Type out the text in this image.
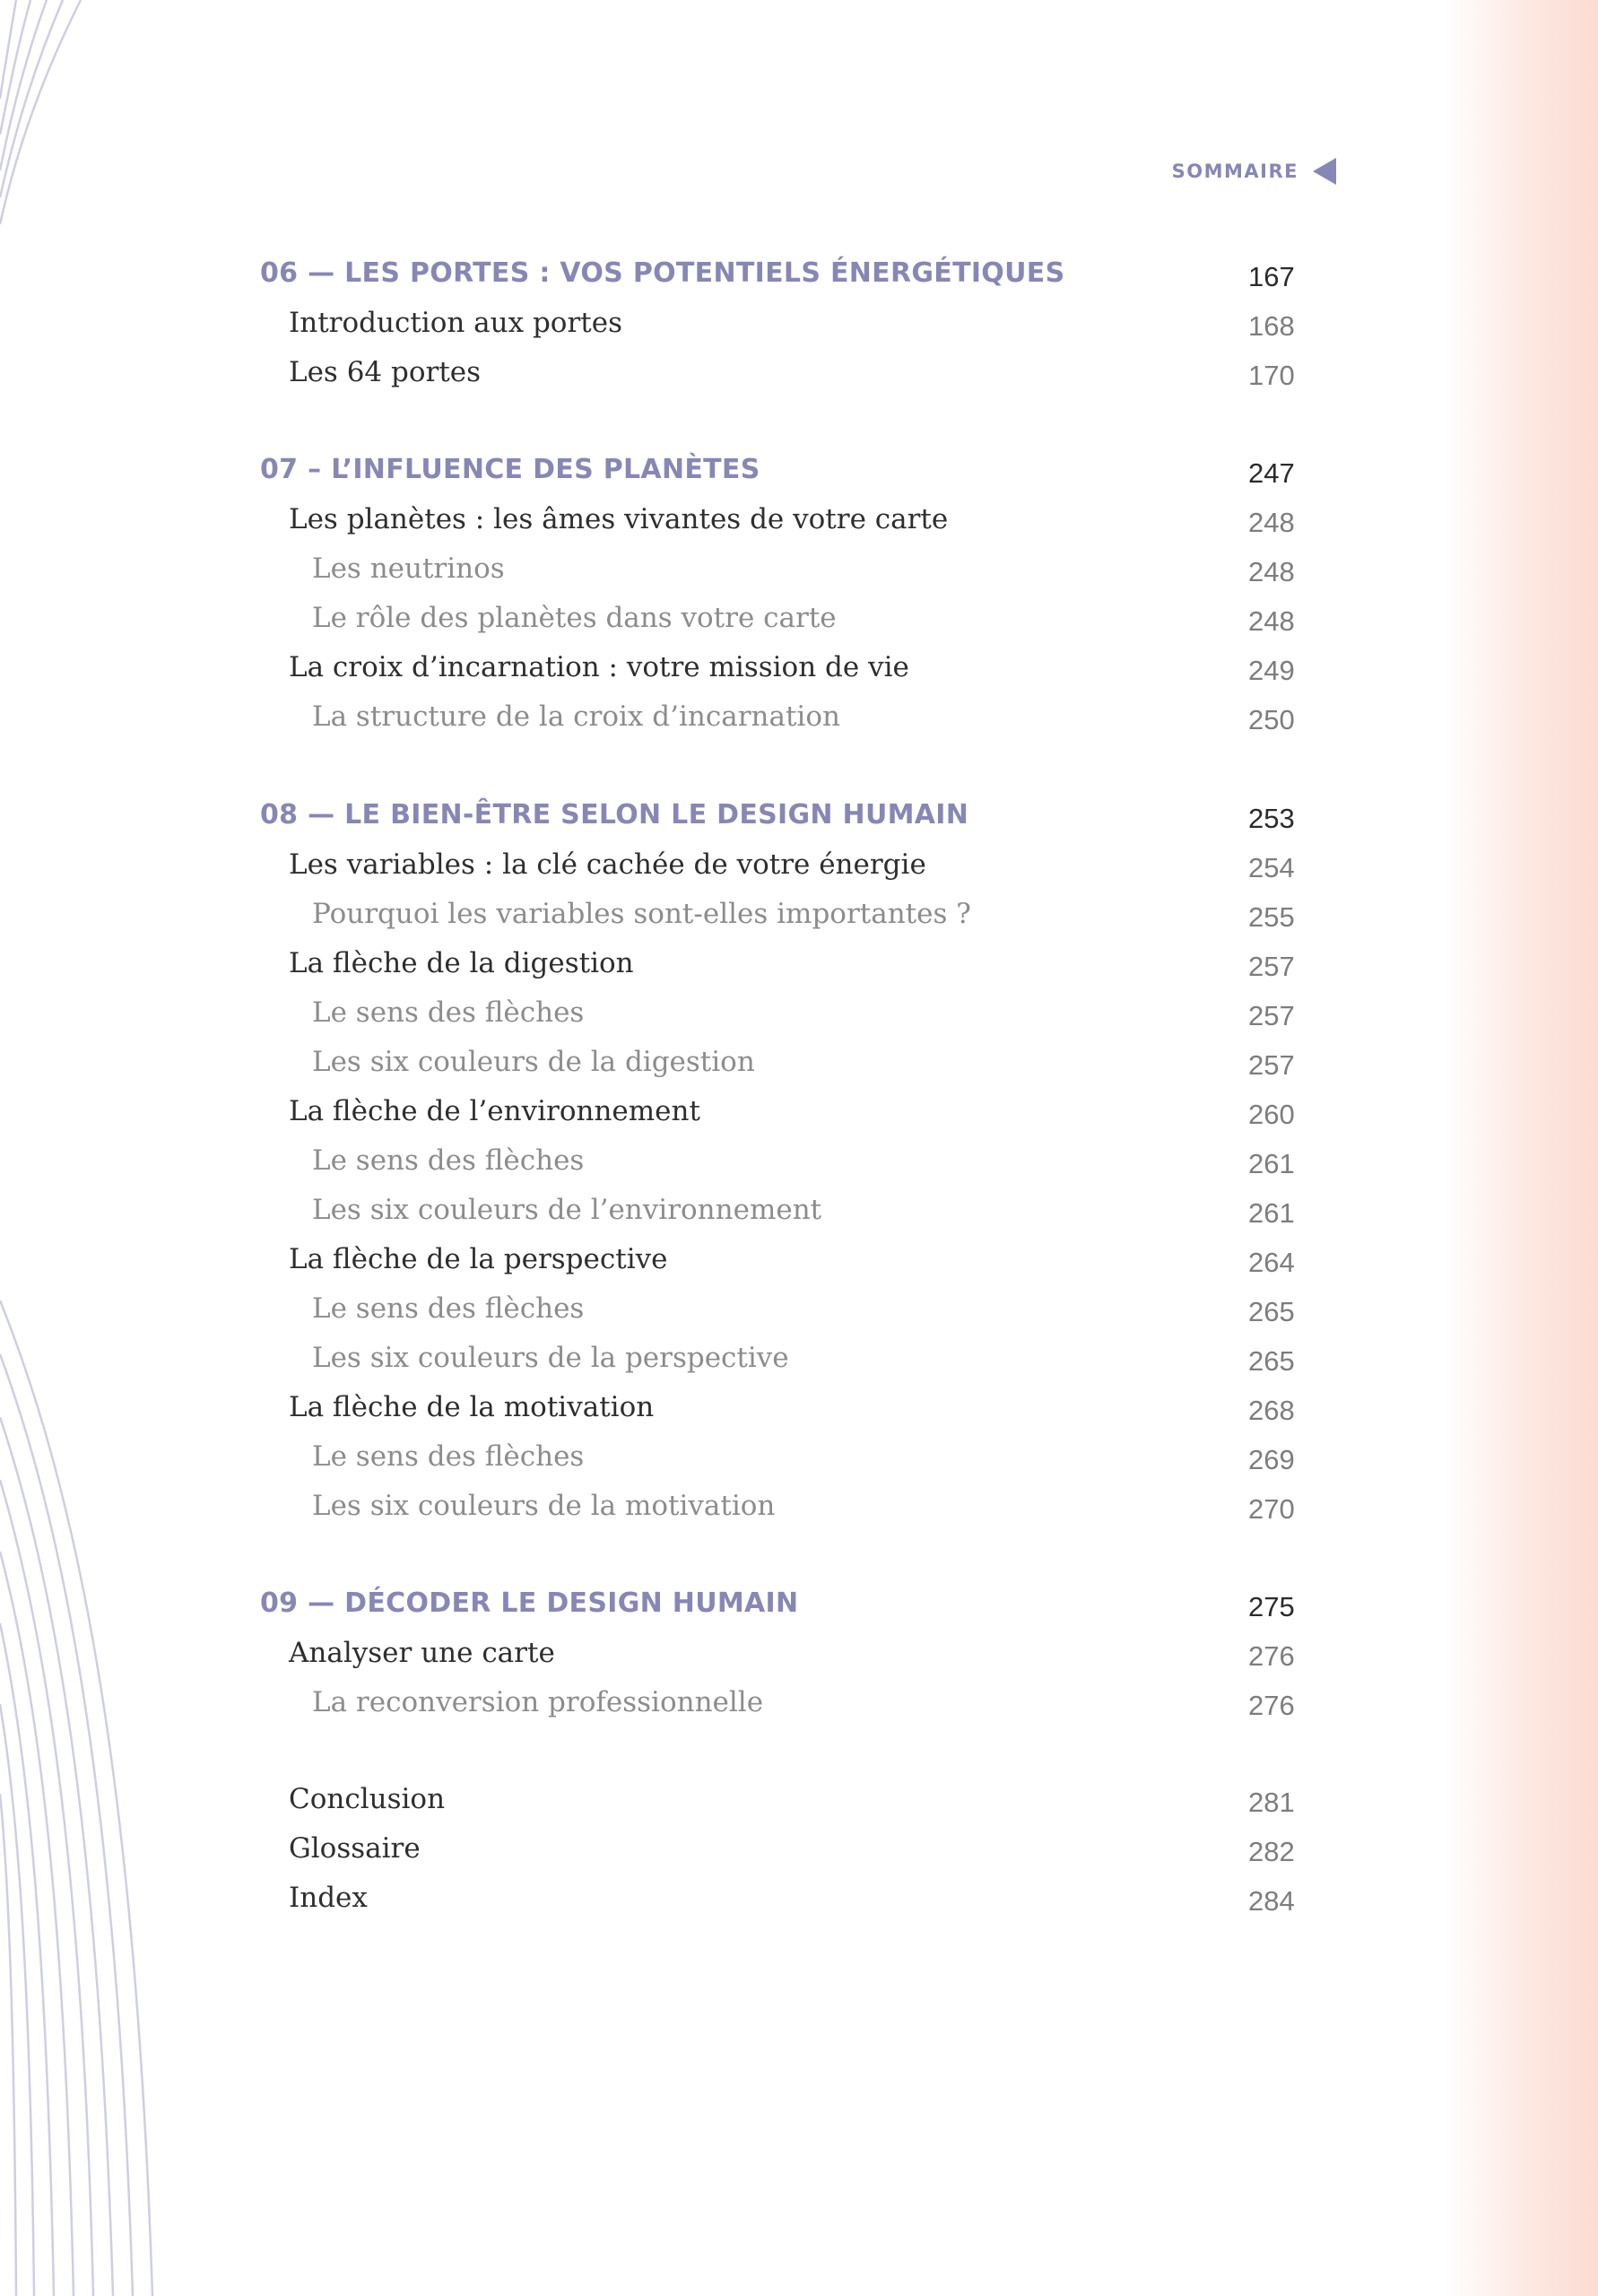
SOMMAIRE
06 — LES PORTES : VOS POTENTIELS ÉNERGÉTIQUES	167
Introduction aux portes	168
Les 64 portes	170
07 – L’INFLUENCE DES PLANÈTES	247
Les planètes : les âmes vivantes de votre carte	248
Les neutrinos	248
Le rôle des planètes dans votre carte	248
La croix d’incarnation : votre mission de vie	249
La structure de la croix d’incarnation	250
08 — LE BIEN-ÊTRE SELON LE DESIGN HUMAIN	253
Les variables : la clé cachée de votre énergie	254
Pourquoi les variables sont-elles importantes ?	255
La flèche de la digestion	257
Le sens des flèches	257
Les six couleurs de la digestion	257
La flèche de l’environnement	260
Le sens des flèches	261
Les six couleurs de l’environnement	261
La flèche de la perspective	264
Le sens des flèches	265
Les six couleurs de la perspective	265
La flèche de la motivation	268
Le sens des flèches	269
Les six couleurs de la motivation	270
09 — DÉCODER LE DESIGN HUMAIN	275
Analyser une carte	276
La reconversion professionnelle	276
Conclusion	281
Glossaire	282
Index	284
